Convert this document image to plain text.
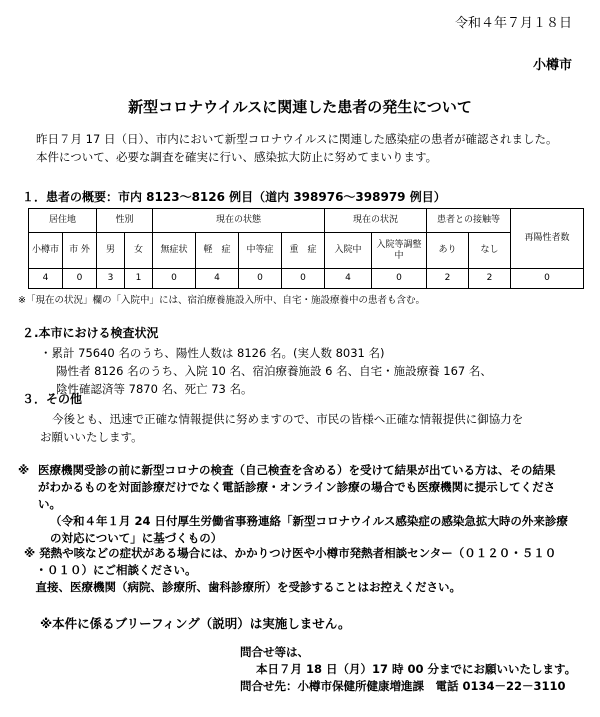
令和４年７月１８日
小樽市
新型コロナウイルスに関連した患者の発生について
昨日７月 17 日（日）、市内において新型コロナウイルスに関連した感染症の患者が確認されました。
本件について、必要な調査を確実に行い、感染拡大防止に努めてまいります。
１．患者の概要：市内 8123～8126 例目（道内 398976～398979 例目）
居住地		性別		現在の状態				現在の状況		患者との接触等		再陽性者数
小樽市	市 外	男	女	無症状	軽　症	中等症	重　症	入院中	入院等調整中	あり	なし	
4	0	3	1	0	4	0	0	4	0	2	2	0
※「現在の状況」欄の「入院中」には、宿泊療養施設入所中、自宅・施設療養中の患者も含む。
２.本市における検査状況
・累計 75640 名のうち、陽性人数は 8126 名。(実人数 8031 名)
陽性者 8126 名のうち、入院 10 名、宿泊療養施設 6 名、自宅・施設療養 167 名、
陰性確認済等 7870 名、死亡 73 名。
３．その他
今後とも、迅速で正確な情報提供に努めますので、市民の皆様へ正確な情報提供に御協力を
お願いいたします。
※ 医療機関受診の前に新型コロナの検査（自己検査を含める）を受けて結果が出ている方は、その結果
がわかるものを対面診療だけでなく電話診療・オンライン診療の場合でも医療機関に提示してくださ
い。
（令和４年１月 24 日付厚生労働省事務連絡「新型コロナウイルス感染症の感染急拡大時の外来診療
の対応について」に基づくもの）
※ 発熱や咳などの症状がある場合には、かかりつけ医や小樽市発熱者相談センター（０１２０・５１０
　・０１０）にご相談ください。
　直接、医療機関（病院、診療所、歯科診療所）を受診することはお控えください。
※本件に係るブリーフィング（説明）は実施しません。
問合せ等は、
本日７月 18 日（月）17 時 00 分までにお願いいたします。
問合せ先：小樽市保健所健康増進課　電話 0134－22－3110
